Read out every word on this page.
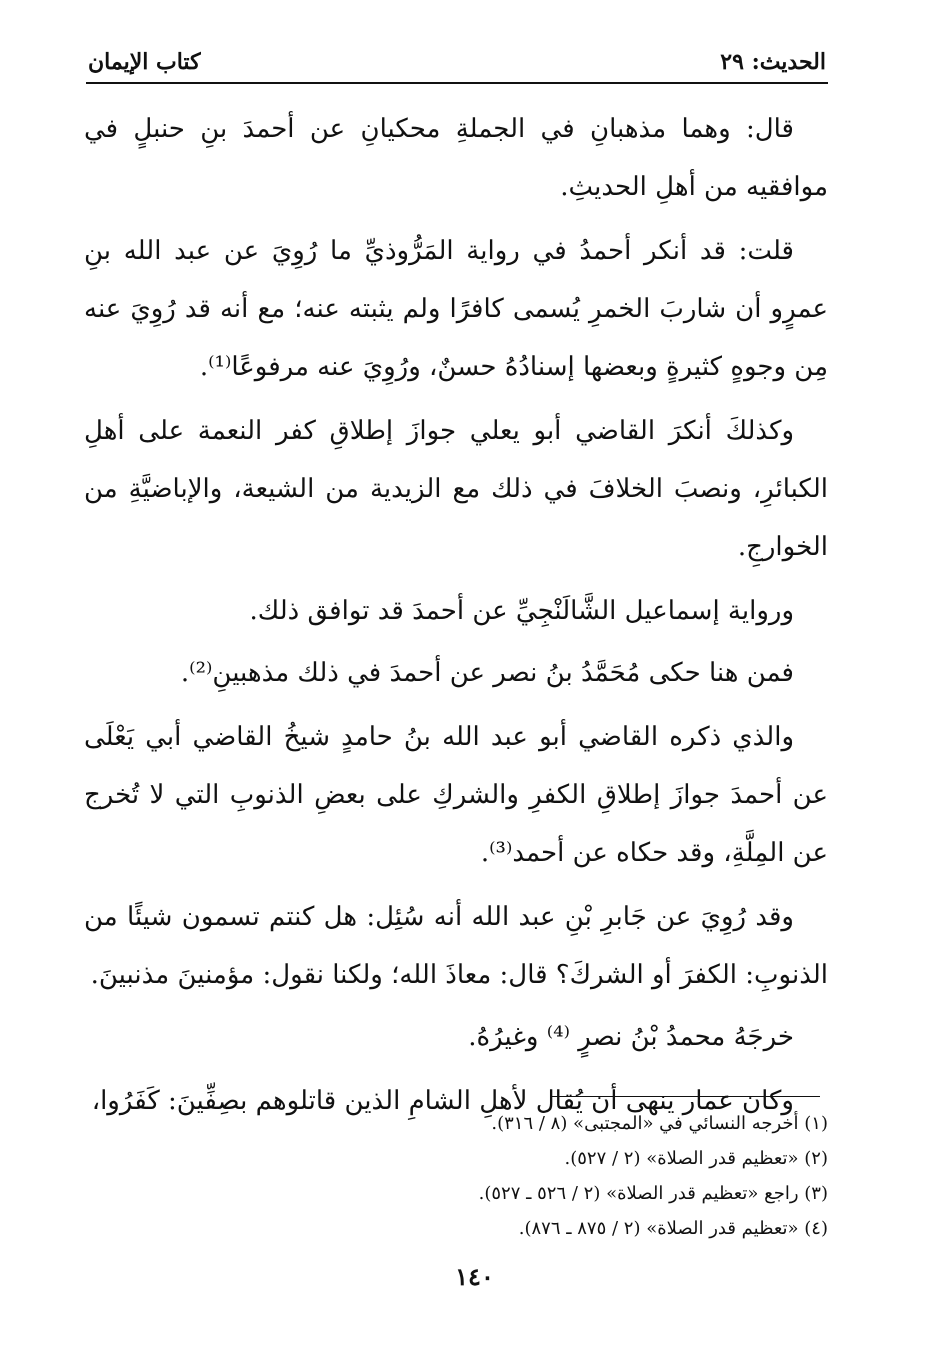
الحديث: ٢٩
كتاب الإيمان

قال: وهما مذهبانِ في الجملةِ محكيانِ عن أحمدَ بنِ حنبلٍ في موافقيه من أهلِ الحديثِ.

قلت: قد أنكر أحمدُ في رواية المَرُّوذيِّ ما رُوِيَ عن عبد الله بنِ عمرٍو أن شاربَ الخمرِ يُسمى كافرًا ولم يثبته عنه؛ مع أنه قد رُوِيَ عنه مِن وجوهٍ كثيرةٍ وبعضها إسنادُهُ حسنٌ، ورُوِيَ عنه مرفوعًا⁽¹⁾.

وكذلكَ أنكرَ القاضي أبو يعلي جوازَ إطلاقِ كفر النعمة على أهلِ الكبائرِ، ونصبَ الخلافَ في ذلك مع الزيدية من الشيعة، والإباضيَّةِ من الخوارجِ.

ورواية إسماعيل الشَّالَنْجِيِّ عن أحمدَ قد توافق ذلك.

فمن هنا حكى مُحَمَّدُ بنُ نصر عن أحمدَ في ذلك مذهبينِ⁽²⁾.

والذي ذكره القاضي أبو عبد الله بنُ حامدٍ شيخُ القاضي أبي يَعْلَى عن أحمدَ جوازَ إطلاقِ الكفرِ والشركِ على بعضِ الذنوبِ التي لا تُخرج عن المِلَّةِ، وقد حكاه عن أحمد⁽³⁾.

وقد رُوِيَ عن جَابرِ بْنِ عبد الله أنه سُئِل: هل كنتم تسمون شيئًا من الذنوبِ: الكفرَ أو الشركَ؟ قال: معاذَ الله؛ ولكنا نقول: مؤمنينَ مذنبينَ.

خرجَهُ محمدُ بْنُ نصرٍ ⁽⁴⁾ وغيرُهُ.

وكان عمار ينهى أن يُقال لأهلِ الشامِ الذين قاتلوهم بصِفِّينَ: كَفَرُوا،

(١) أخرجه النسائي في «المجتبى» (٨ / ٣١٦).
(٢) «تعظيم قدر الصلاة» (٢ / ٥٢٧).
(٣) راجع «تعظيم قدر الصلاة» (٢ / ٥٢٦ ـ ٥٢٧).
(٤) «تعظيم قدر الصلاة» (٢ / ٨٧٥ ـ ٨٧٦).
١٤٠
